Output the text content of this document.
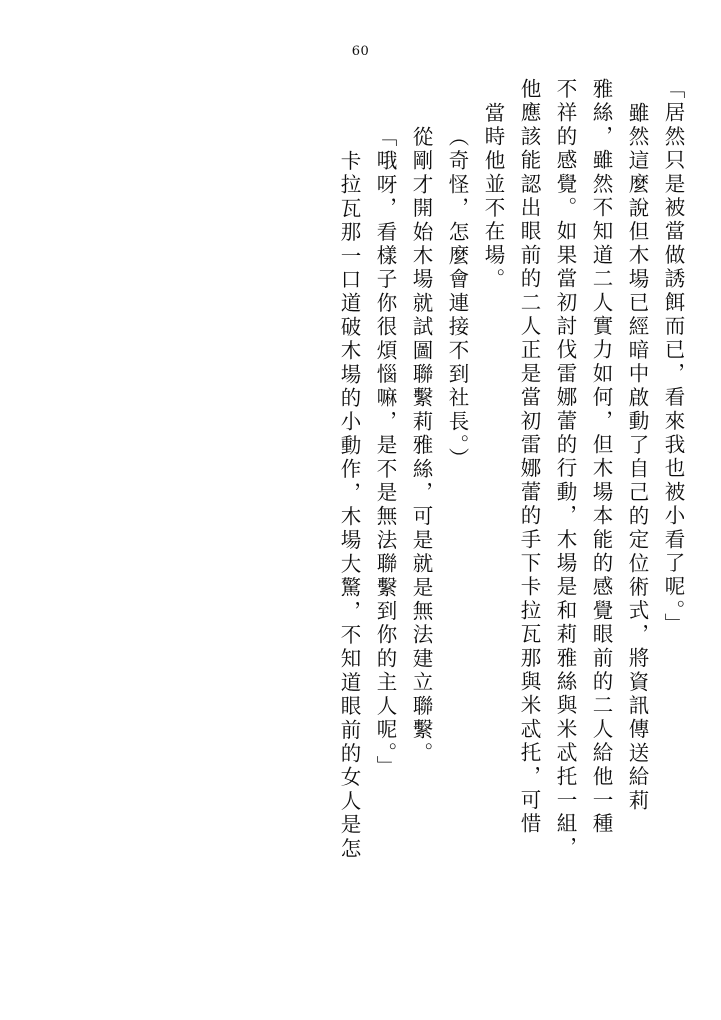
60
「居然只是被當做誘餌而已，看來我也被小看了呢。」
雖然這麼說但木場已經暗中啟動了自己的定位術式，將資訊傳送給莉
雅絲，雖然不知道二人實力如何，但木場本能的感覺眼前的二人給他一種
不祥的感覺。如果當初討伐雷娜蕾的行動，木場是和莉雅絲與米忒托一組，
他應該能認出眼前的二人正是當初雷娜蕾的手下卡拉瓦那與米忒托，可惜
當時他並不在場。
（奇怪，怎麼會連接不到社長。）
從剛才開始木場就試圖聯繫莉雅絲，可是就是無法建立聯繫。
「哦呀，看樣子你很煩惱嘛，是不是無法聯繫到你的主人呢。」
卡拉瓦那一口道破木場的小動作，木場大驚，不知道眼前的女人是怎
